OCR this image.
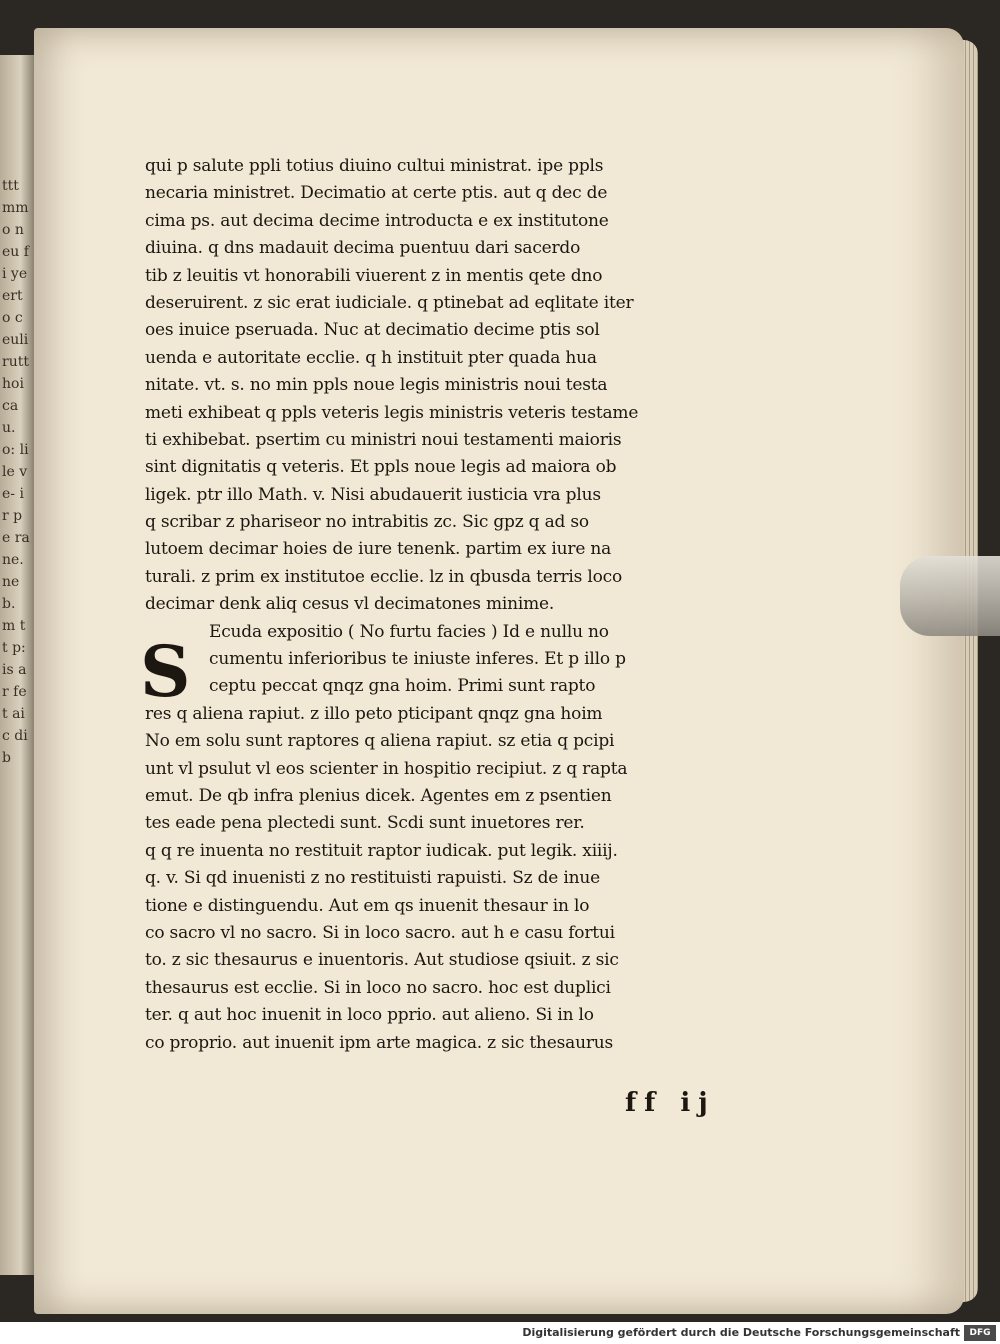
ttt mmo n eu fi ye ert o ceuli rutt hoi ca u. o: lile ve- ir pe ra ne. ne b. m tt p: is ar fet aic dib
qui p salute ppli totius diuino cultui ministrat. ipe ppls
necaria ministret. Decimatio at certe ptis. aut q dec de
cima ps. aut decima decime introducta e ex institutone
diuina. q dns madauit decima puentuu dari sacerdo
tib z leuitis vt honorabili viuerent z in mentis qete dno
deseruirent. z sic erat iudiciale. q ptinebat ad eqlitate iter
oes inuice pseruada. Nuc at decimatio decime ptis sol
uenda e autoritate ecclie. q h instituit pter quada hua
nitate. vt. s. no min ppls noue legis ministris noui testa
meti exhibeat q ppls veteris legis ministris veteris testame
ti exhibebat. psertim cu ministri noui testamenti maioris
sint dignitatis q veteris. Et ppls noue legis ad maiora ob
ligek. ptr illo Math. v. Nisi abudauerit iusticia vra plus
q scribar z phariseor no intrabitis zc. Sic gpz q ad so
lutoem decimar hoies de iure tenenk. partim ex iure na
turali. z prim ex institutoe ecclie. lz in qbusda terris loco
decimar denk aliq cesus vl decimatones minime.
Ecuda expositio ( No furtu facies ) Id e nullu no
cumentu inferioribus te iniuste inferes. Et p illo p
ceptu peccat qnqz gna hoim. Primi sunt rapto
res q aliena rapiut. z illo peto pticipant qnqz gna hoim
No em solu sunt raptores q aliena rapiut. sz etia q pcipi
unt vl psulut vl eos scienter in hospitio recipiut. z q rapta
emut. De qb infra plenius dicek. Agentes em z psentien
tes eade pena plectedi sunt. Scdi sunt inuetores rer.
q q re inuenta no restituit raptor iudicak. put legik. xiiij.
q. v. Si qd inuenisti z no restituisti rapuisti. Sz de inue
tione e distinguendu. Aut em qs inuenit thesaur in lo
co sacro vl no sacro. Si in loco sacro. aut h e casu fortui
to. z sic thesaurus e inuentoris. Aut studiose qsiuit. z sic
thesaurus est ecclie. Si in loco no sacro. hoc est duplici
ter. q aut hoc inuenit in loco pprio. aut alieno. Si in lo
co proprio. aut inuenit ipm arte magica. z sic thesaurus
S
ff ij
Digitalisierung gefördert durch die Deutsche Forschungsgemeinschaft	DFG
